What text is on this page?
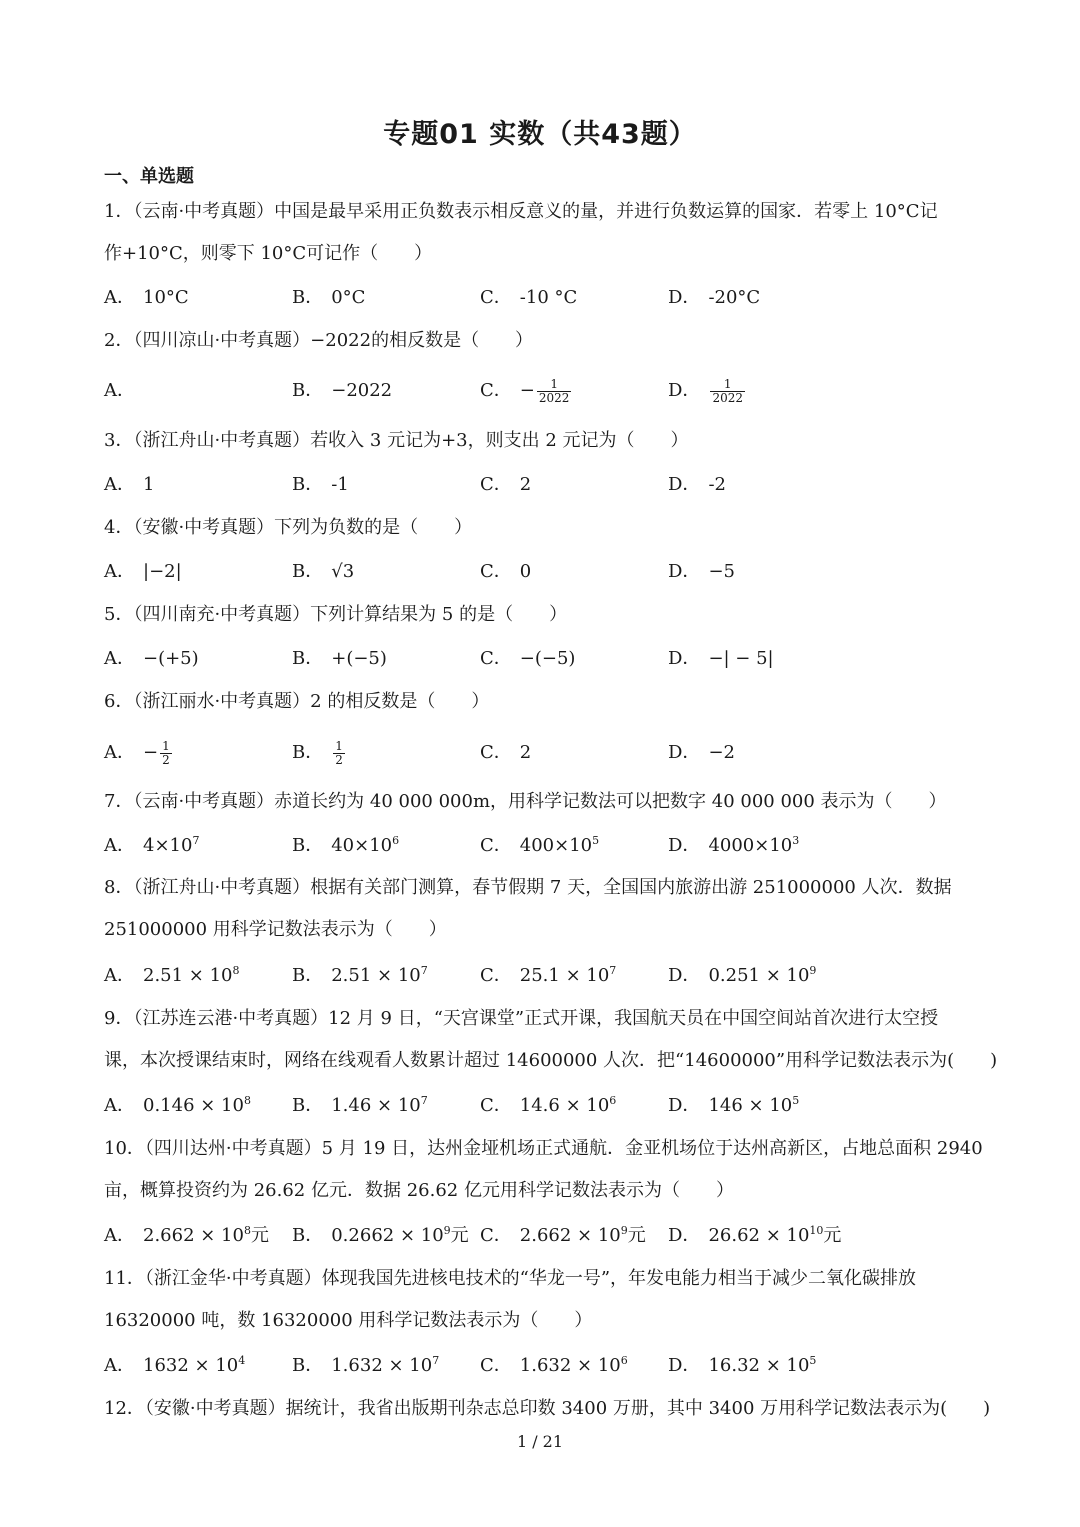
专题01 实数（共43题）
一、单选题
1．（云南·中考真题）中国是最早采用正负数表示相反意义的量，并进行负数运算的国家．若零上 10°C记
作+10°C，则零下 10°C可记作（　　）
A． 10°C	B． 0°C	C． -10 °C	D． -20°C
2．（四川凉山·中考真题）−2022的相反数是（　　）
A．	B． −2022	C． − $\frac{1}{2022}$	D． $\frac{1}{2022}$
3．（浙江舟山·中考真题）若收入 3 元记为+3，则支出 2 元记为（　　）
A． 1	B． -1	C． 2	D． -2
4．（安徽·中考真题）下列为负数的是（　　）
A． |−2|	B． √3	C． 0	D． −5
5．（四川南充·中考真题）下列计算结果为 5 的是（　　）
A． −(+5)	B． +(−5)	C． −(−5)	D． −| − 5|
6．（浙江丽水·中考真题）2 的相反数是（　　）
A． − $\frac{1}{2}$	B． $\frac{1}{2}$	C． 2	D． −2
7．（云南·中考真题）赤道长约为 40 000 000m，用科学记数法可以把数字 40 000 000 表示为（　　）
A． $4\times 10^7$	B． $40\times 10^6$	C． $400\times 10^5$	D． $4000\times 10^3$
8．（浙江舟山·中考真题）根据有关部门测算，春节假期 7 天，全国国内旅游出游 251000000 人次．数据
251000000 用科学记数法表示为（　　）
A． $2.51 \times 10^8$	B． $2.51 \times 10^7$	C． $25.1 \times 10^7$	D． $0.251 \times 10^9$
9．（江苏连云港·中考真题）12 月 9 日，“天宫课堂”正式开课，我国航天员在中国空间站首次进行太空授
课，本次授课结束时，网络在线观看人数累计超过 14600000 人次．把“14600000”用科学记数法表示为(　　)
A． $0.146 \times 10^8$ B． $1.46 \times 10^7$	C． $14.6 \times 10^6$	D． $146 \times 10^5$
10．（四川达州·中考真题）5 月 19 日，达州金垭机场正式通航．金亚机场位于达州高新区，占地总面积 2940
亩，概算投资约为 26.62 亿元．数据 26.62 亿元用科学记数法表示为（　　）
A． $2.662 \times 10^8$元 B． $0.2662 \times 10^9$元 C． $2.662 \times 10^9$元 D． $26.62 \times 10^{10}$元
11．（浙江金华·中考真题）体现我国先进核电技术的“华龙一号”，年发电能力相当于减少二氧化碳排放
16320000 吨，数 16320000 用科学记数法表示为（　　）
A． $1632 \times 10^4$	B． $1.632 \times 10^7$ C． $1.632 \times 10^6$ D． $16.32 \times 10^5$
12．（安徽·中考真题）据统计，我省出版期刊杂志总印数 3400 万册，其中 3400 万用科学记数法表示为(　　)
1 / 21
